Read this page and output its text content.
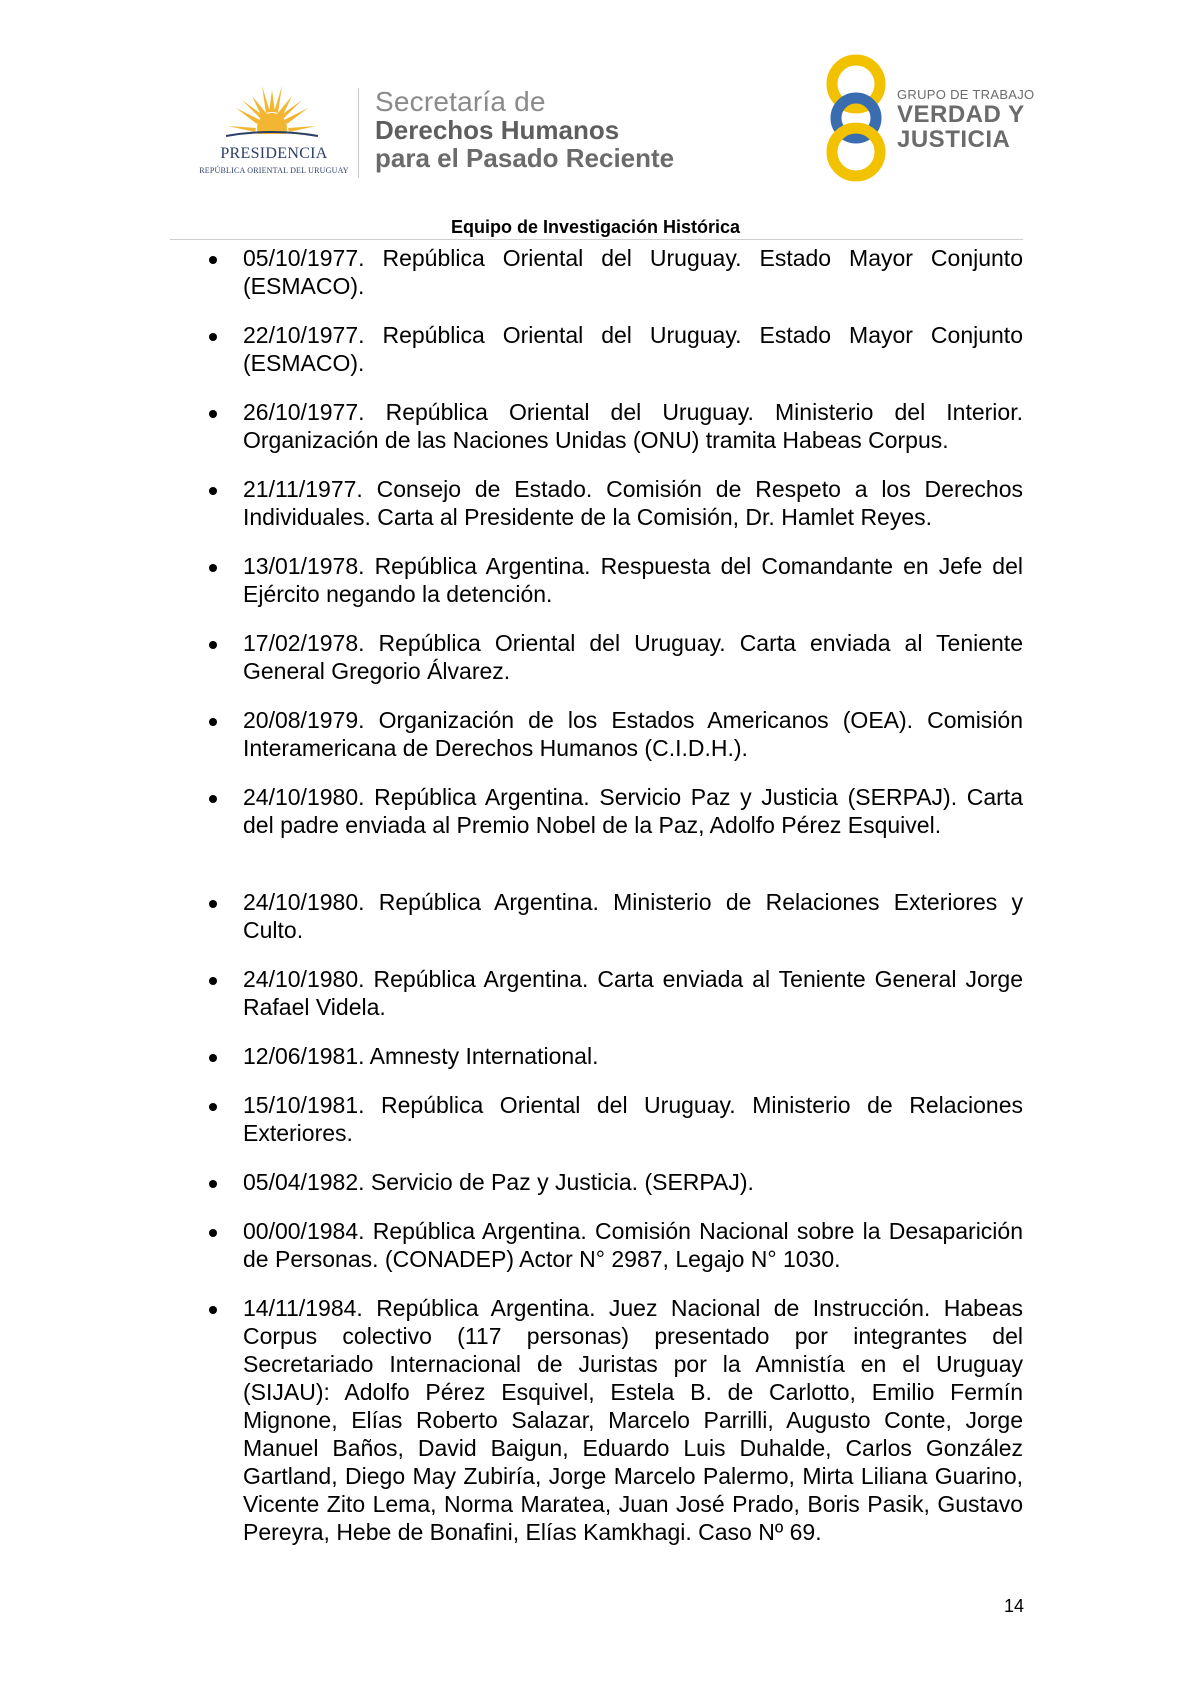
PRESIDENCIA
REPÚBLICA ORIENTAL DEL URUGUAY
Secretaría de
Derechos Humanos
para el Pasado Reciente
GRUPO DE TRABAJO
VERDAD Y
JUSTICIA
Equipo de Investigación Histórica
05/10/1977. República Oriental del Uruguay. Estado Mayor Conjunto (ESMACO).
22/10/1977. República Oriental del Uruguay. Estado Mayor Conjunto (ESMACO).
26/10/1977. República Oriental del Uruguay. Ministerio del Interior. Organización de las Naciones Unidas (ONU) tramita Habeas Corpus.
21/11/1977. Consejo de Estado. Comisión de Respeto a los Derechos Individuales. Carta al Presidente de la Comisión, Dr. Hamlet Reyes.
13/01/1978. República Argentina. Respuesta del Comandante en Jefe del Ejército negando la detención.
17/02/1978. República Oriental del Uruguay. Carta enviada al Teniente General Gregorio Álvarez.
20/08/1979. Organización de los Estados Americanos (OEA). Comisión Interamericana de Derechos Humanos (C.I.D.H.).
24/10/1980. República Argentina. Servicio Paz y Justicia (SERPAJ). Carta del padre enviada al Premio Nobel de la Paz, Adolfo Pérez Esquivel.
24/10/1980. República Argentina. Ministerio de Relaciones Exteriores y Culto.
24/10/1980. República Argentina. Carta enviada al Teniente General Jorge Rafael Videla.
12/06/1981. Amnesty International.
15/10/1981. República Oriental del Uruguay. Ministerio de Relaciones Exteriores.
05/04/1982. Servicio de Paz y Justicia. (SERPAJ).
00/00/1984. República Argentina. Comisión Nacional sobre la Desaparición de Personas. (CONADEP) Actor N° 2987, Legajo N° 1030.
14/11/1984. República Argentina. Juez Nacional de Instrucción. Habeas Corpus colectivo (117 personas) presentado por integrantes del Secretariado Internacional de Juristas por la Amnistía en el Uruguay (SIJAU): Adolfo Pérez Esquivel, Estela B. de Carlotto, Emilio Fermín Mignone, Elías Roberto Salazar, Marcelo Parrilli, Augusto Conte, Jorge Manuel Baños, David Baigun, Eduardo Luis Duhalde, Carlos González Gartland, Diego May Zubiría, Jorge Marcelo Palermo, Mirta Liliana Guarino, Vicente Zito Lema, Norma Maratea, Juan José Prado, Boris Pasik, Gustavo Pereyra, Hebe de Bonafini, Elías Kamkhagi. Caso Nº 69.
14
